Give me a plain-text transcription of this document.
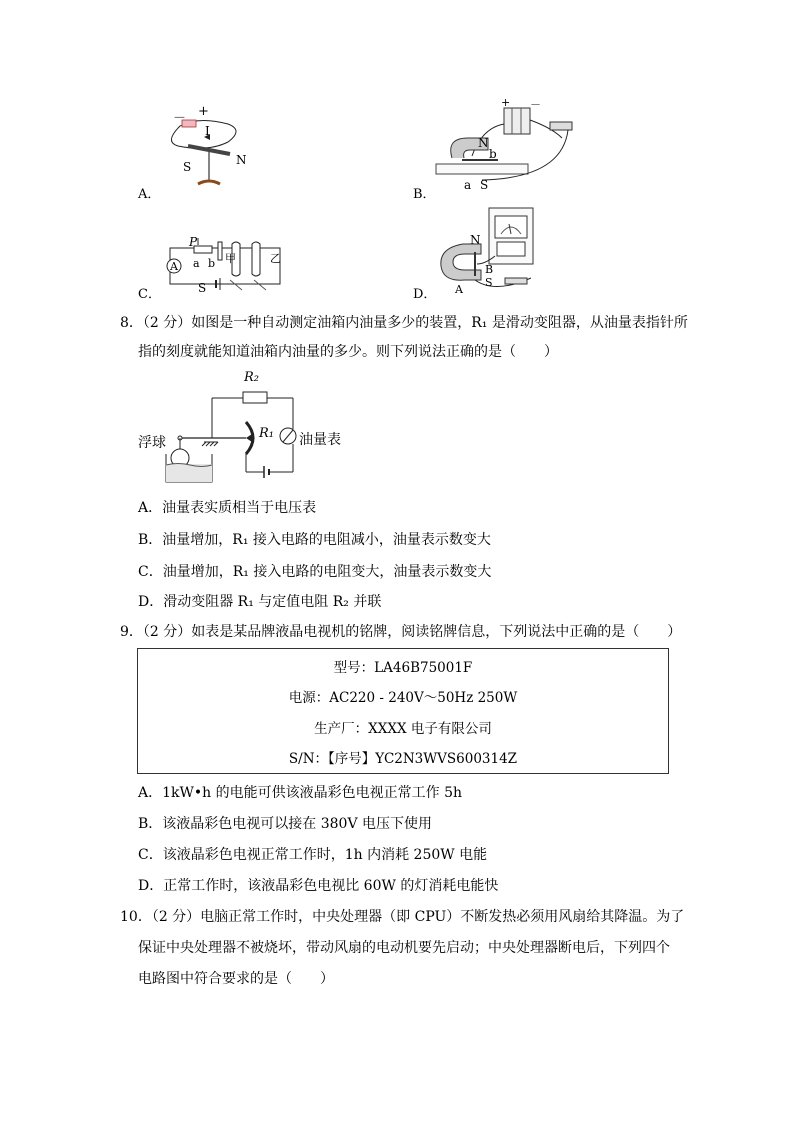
A．
－ +
I
S	N
B．
+ －
N
b
a S
C．
P
A a b 甲	乙
S	D．
N
B
A
S
8．（2 分）如图是一种自动测定油箱内油量多少的装置，R₁ 是滑动变阻器，从油量表指针所
指的刻度就能知道油箱内油量的多少。则下列说法正确的是（　　）
R₂
R₁
浮球	油量表
A．油量表实质相当于电压表
B．油量增加，R₁ 接入电路的电阻减小，油量表示数变大
C．油量增加，R₁ 接入电路的电阻变大，油量表示数变大
D．滑动变阻器 R₁ 与定值电阻 R₂ 并联
9．（2 分）如表是某品牌液晶电视机的铭牌，阅读铭牌信息，下列说法中正确的是（　　）
型号：LA46B75001F
电源：AC220 - 240V～50Hz 250W
生产厂：XXXX 电子有限公司
S/N：【序号】YC2N3WVS600314Z
A．1kW•h 的电能可供该液晶彩色电视正常工作 5h
B．该液晶彩色电视可以接在 380V 电压下使用
C．该液晶彩色电视正常工作时，1h 内消耗 250W 电能
D．正常工作时，该液晶彩色电视比 60W 的灯消耗电能快
10．（2 分）电脑正常工作时，中央处理器（即 CPU）不断发热必须用风扇给其降温。为了
保证中央处理器不被烧坏，带动风扇的电动机要先启动；中央处理器断电后，下列四个
电路图中符合要求的是（　　）
